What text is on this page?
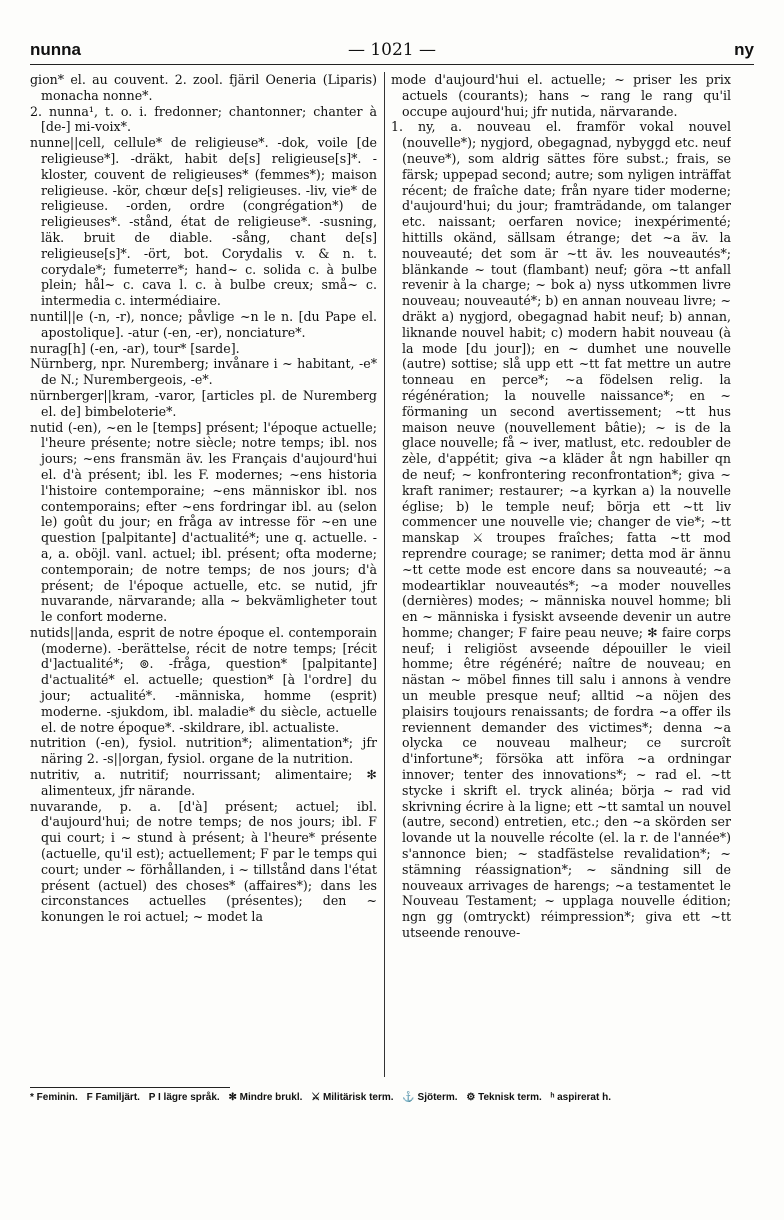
— 1021 —
nunna	ny

gion* el. au couvent. 2. zool. fjäril Oeneria (Liparis) monacha nonne*.

2. nunna¹, t. o. i. fredonner; chantonner; chanter à [de-] mi-voix*.

nunne||cell, cellule* de religieuse*. -dok, voile [de religieuse*]. -dräkt, habit de[s] religieuse[s]*. -kloster, couvent de religieuses* (femmes*); maison religieuse. -kör, chœur de[s] religieuses. -liv, vie* de religieuse. -orden, ordre (congrégation*) de religieuses*. -stånd, état de religieuse*. -susning, läk. bruit de diable. -sång, chant de[s] religieuse[s]*. -ört, bot. Corydalis v. & n. t. corydale*; fumeterre*; hand~ c. solida c. à bulbe plein; hål~ c. cava l. c. à bulbe creux; små~ c. intermedia c. intermédiaire.

nuntil||e (-n, -r), nonce; påvlige ~n le n. [du Pape el. apostolique]. -atur (-en, -er), nonciature*.

nurag[h] (-en, -ar), tour* [sarde].

Nürnberg, npr. Nuremberg; invånare i ~ habitant, -e* de N.; Nurembergeois, -e*.

nürnberger||kram, -varor, [articles pl. de Nuremberg el. de] bimbeloterie*.

nutid (-en), ~en le [temps] présent; l'époque actuelle; l'heure présente; notre siècle; notre temps; ibl. nos jours; ~ens fransmän äv. les Français d'aujourd'hui el. d'à présent; ibl. les F. modernes; ~ens historia l'histoire contemporaine; ~ens människor ibl. nos contemporains; efter ~ens fordringar ibl. au (selon le) goût du jour; en fråga av intresse för ~en une question [palpitante] d'actualité*; une q. actuelle. -a, a. oböjl. vanl. actuel; ibl. présent; ofta moderne; contemporain; de notre temps; de nos jours; d'à présent; de l'époque actuelle, etc. se nutid, jfr nuvarande, närvarande; alla ~ bekvämligheter tout le confort moderne.

nutids||anda, esprit de notre époque el. contemporain (moderne). -berättelse, récit de notre temps; [récit d']actualité*; ⊚. -fråga, question* [palpitante] d'actualité* el. actuelle; question* [à l'ordre] du jour; actualité*. -människa, homme (esprit) moderne. -sjukdom, ibl. maladie* du siècle, actuelle el. de notre époque*. -skildrare, ibl. actualiste.

nutrition (-en), fysiol. nutrition*; alimentation*; jfr näring 2. -s||organ, fysiol. organe de la nutrition.

nutritiv, a. nutritif; nourrissant; alimentaire; ✻ alimenteux, jfr närande.

nuvarande, p. a. [d'à] présent; actuel; ibl. d'aujourd'hui; de notre temps; de nos jours; ibl. F qui court; i ~ stund à présent; à l'heure* présente (actuelle, qu'il est); actuellement; F par le temps qui court; under ~ förhållanden, i ~ tillstånd dans l'état présent (actuel) des choses* (affaires*); dans les circonstances actuelles (présentes); den ~ konungen le roi actuel; ~ modet la

mode d'aujourd'hui el. actuelle; ~ priser les prix actuels (courants); hans ~ rang le rang qu'il occupe aujourd'hui; jfr nutida, närvarande.

1. ny, a. nouveau el. framför vokal nouvel (nouvelle*); nygjord, obegagnad, nybyggd etc. neuf (neuve*), som aldrig sättes före subst.; frais, se färsk; uppepad second; autre; som nyligen inträffat récent; de fraîche date; från nyare tider moderne; d'aujourd'hui; du jour; framträdande, om talanger etc. naissant; oerfaren novice; inexpérimenté; hittills okänd, sällsam étrange; det ~a äv. la nouveauté; det som är ~tt äv. les nouveautés*; blänkande ~ tout (flambant) neuf; göra ~tt anfall revenir à la charge; ~ bok a) nyss utkommen livre nouveau; nouveauté*; b) en annan nouveau livre; ~ dräkt a) nygjord, obegagnad habit neuf; b) annan, liknande nouvel habit; c) modern habit nouveau (à la mode [du jour]); en ~ dumhet une nouvelle (autre) sottise; slå upp ett ~tt fat mettre un autre tonneau en perce*; ~a födelsen relig. la régénération; la nouvelle naissance*; en ~ förmaning un second avertissement; ~tt hus maison neuve (nouvellement bâtie); ~ is de la glace nouvelle; få ~ iver, matlust, etc. redoubler de zèle, d'appétit; giva ~a kläder åt ngn habiller qn de neuf; ~ konfrontering reconfrontation*; giva ~ kraft ranimer; restaurer; ~a kyrkan a) la nouvelle église; b) le temple neuf; börja ett ~tt liv commencer une nouvelle vie; changer de vie*; ~tt manskap ⚔ troupes fraîches; fatta ~tt mod reprendre courage; se ranimer; detta mod är ännu ~tt cette mode est encore dans sa nouveauté; ~a modeartiklar nouveautés*; ~a moder nouvelles (dernières) modes; ~ människa nouvel homme; bli en ~ människa i fysiskt avseende devenir un autre homme; changer; F faire peau neuve; ✻ faire corps neuf; i religiöst avseende dépouiller le vieil homme; être régénéré; naître de nouveau; en nästan ~ möbel finnes till salu i annons à vendre un meuble presque neuf; alltid ~a nöjen des plaisirs toujours renaissants; de fordra ~a offer ils reviennent demander des victimes*; denna ~a olycka ce nouveau malheur; ce surcroît d'infortune*; försöka att införa ~a ordningar innover; tenter des innovations*; ~ rad el. ~tt stycke i skrift el. tryck alinéa; börja ~ rad vid skrivning écrire à la ligne; ett ~tt samtal un nouvel (autre, second) entretien, etc.; den ~a skörden ser lovande ut la nouvelle récolte (el. la r. de l'année*) s'annonce bien; ~ stadfästelse revalidation*; ~ stämning réassignation*; ~ sändning sill de nouveaux arrivages de harengs; ~a testamentet le Nouveau Testament; ~ upplaga nouvelle édition; ngn gg (omtryckt) réimpression*; giva ett ~tt utseende renouve-

* Feminin. F Familjärt. P I lägre språk. ✻ Mindre brukl. ⚔ Militärisk term. ⚓ Sjöterm. ⚙ Teknisk term. ʰ aspirerat h.
